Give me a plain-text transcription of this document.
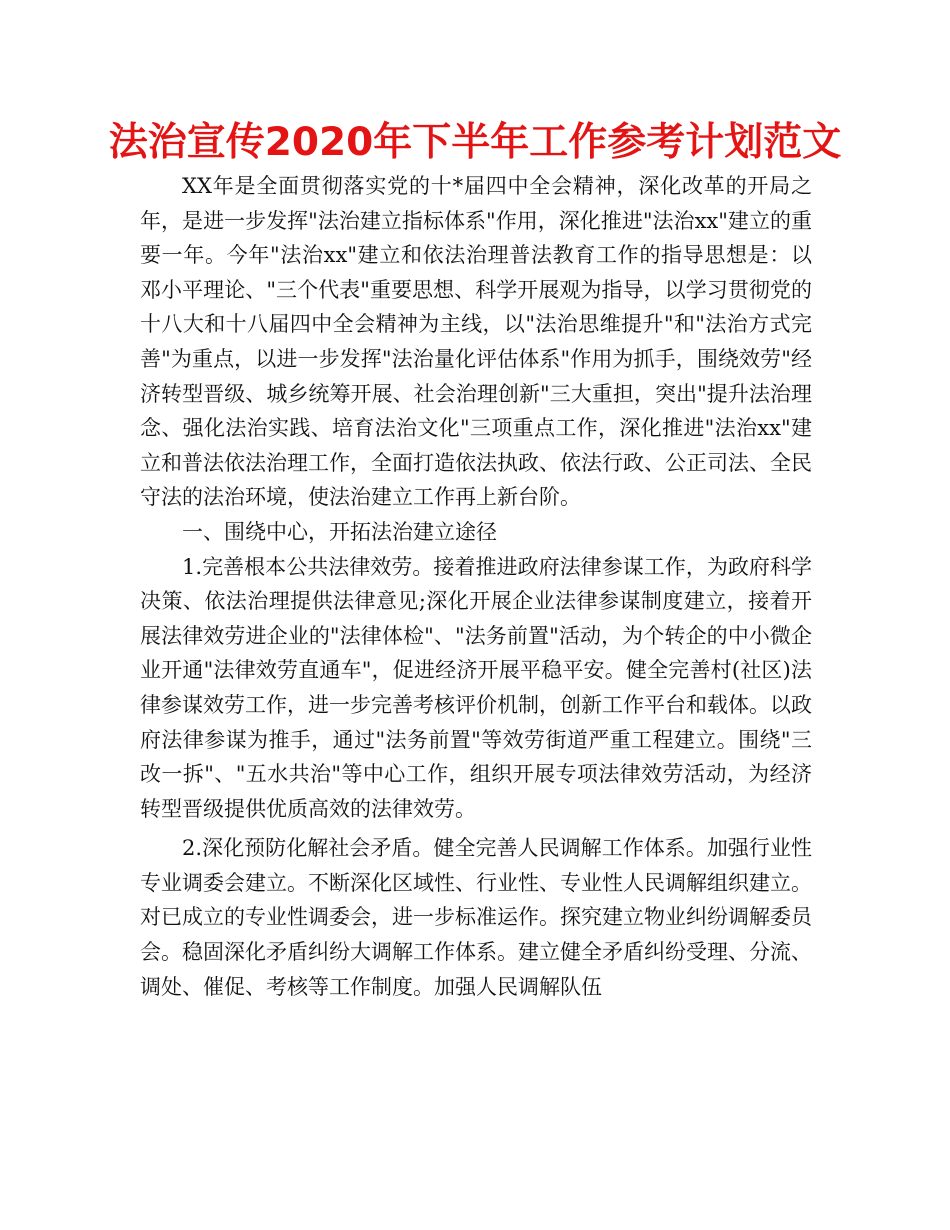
法治宣传2020年下半年工作参考计划范文

XX年是全面贯彻落实党的十*届四中全会精神，深化改革的开局之年，是进一步发挥"法治建立指标体系"作用，深化推进"法治xx"建立的重要一年。今年"法治xx"建立和依法治理普法教育工作的指导思想是：以邓小平理论、"三个代表"重要思想、科学开展观为指导，以学习贯彻党的十八大和十八届四中全会精神为主线，以"法治思维提升"和"法治方式完善"为重点，以进一步发挥"法治量化评估体系"作用为抓手，围绕效劳"经济转型晋级、城乡统筹开展、社会治理创新"三大重担，突出"提升法治理念、强化法治实践、培育法治文化"三项重点工作，深化推进"法治xx"建立和普法依法治理工作，全面打造依法执政、依法行政、公正司法、全民守法的法治环境，使法治建立工作再上新台阶。

一、围绕中心，开拓法治建立途径

1.完善根本公共法律效劳。接着推进政府法律参谋工作，为政府科学决策、依法治理提供法律意见;深化开展企业法律参谋制度建立，接着开展法律效劳进企业的"法律体检"、"法务前置"活动，为个转企的中小微企业开通"法律效劳直通车"，促进经济开展平稳平安。健全完善村(社区)法律参谋效劳工作，进一步完善考核评价机制，创新工作平台和载体。以政府法律参谋为推手，通过"法务前置"等效劳街道严重工程建立。围绕"三改一拆"、"五水共治"等中心工作，组织开展专项法律效劳活动，为经济转型晋级提供优质高效的法律效劳。

2.深化预防化解社会矛盾。健全完善人民调解工作体系。加强行业性专业调委会建立。不断深化区域性、行业性、专业性人民调解组织建立。对已成立的专业性调委会，进一步标准运作。探究建立物业纠纷调解委员会。稳固深化矛盾纠纷大调解工作体系。建立健全矛盾纠纷受理、分流、调处、催促、考核等工作制度。加强人民调解队伍
